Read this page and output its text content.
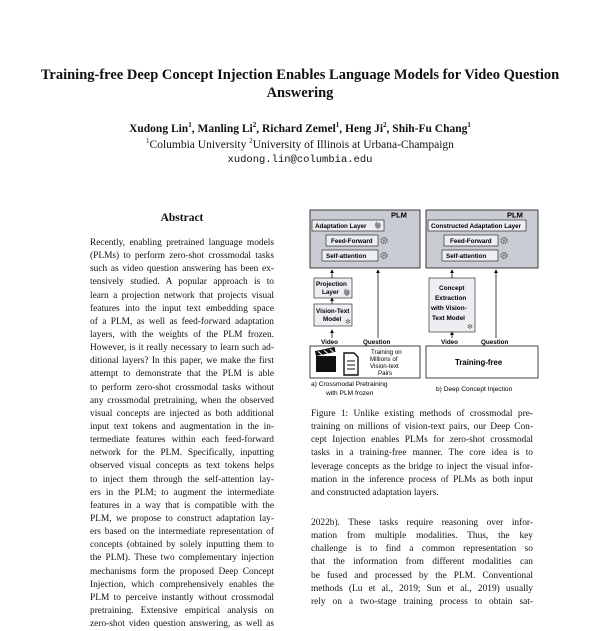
Training-free Deep Concept Injection Enables Language Models for Video Question Answering
Xudong Lin$^1$, Manling Li$^2$, Richard Zemel$^1$, Heng Ji$^2$, Shih-Fu Chang$^1$
$^1$Columbia University $^2$University of Illinois at Urbana-Champaign
xudong.lin@columbia.edu
Abstract
Recently, enabling pretrained language models
(PLMs) to perform zero-shot crossmodal tasks
such as video question answering has been ex-
tensively studied. A popular approach is to
learn a projection network that projects visual
features into the input text embedding space
of a PLM, as well as feed-forward adaptation
layers, with the weights of the PLM frozen.
However, is it really necessary to learn such ad-
ditional layers? In this paper, we make the first
attempt to demonstrate that the PLM is able
to perform zero-shot crossmodal tasks without
any crossmodal pretraining, when the observed
visual concepts are injected as both additional
input text tokens and augmentation in the in-
termediate features within each feed-forward
network for the PLM. Specifically, inputting
observed visual concepts as text tokens helps
to inject them through the self-attention lay-
ers in the PLM; to augment the intermediate
features in a way that is compatible with the
PLM, we propose to construct adaptation lay-
ers based on the intermediate representation of
concepts (obtained by solely inputting them to
the PLM). These two complementary injection
mechanisms form the proposed Deep Concept
Injection, which comprehensively enables the
PLM to perceive instantly without crossmodal
pretraining. Extensive empirical analysis on
zero-shot video question answering, as well as
PLM
Adaptation Layer
Feed-Forward
Self-attention
Projection
Layer
Vision-Text
Model ✻
Video	Question
Training on
Millions of
Vision-text
Pairs
a) Crossmodal Pretraining
with PLM frozen
PLM
Constructed Adaptation Layer
Feed-Forward
Self-attention
Concept
Extraction
with Vision-
Text Model
✻
Video	Question
Training-free
b) Deep Concept Injection
Figure 1: Unlike existing methods of crossmodal pre-
training on millions of vision-text pairs, our Deep Con-
cept Injection enables PLMs for zero-shot crossmodal
tasks in a training-free manner. The core idea is to
leverage concepts as the bridge to inject the visual infor-
mation in the inference process of PLMs as both input
and constructed adaptation layers.
2022b). These tasks require reasoning over infor-
mation from multiple modalities. Thus, the key
challenge is to find a common representation so
that the information from different modalities can
be fused and processed by the PLM. Conventional
methods (Lu et al., 2019; Sun et al., 2019) usually
rely on a two-stage training process to obtain sat-
